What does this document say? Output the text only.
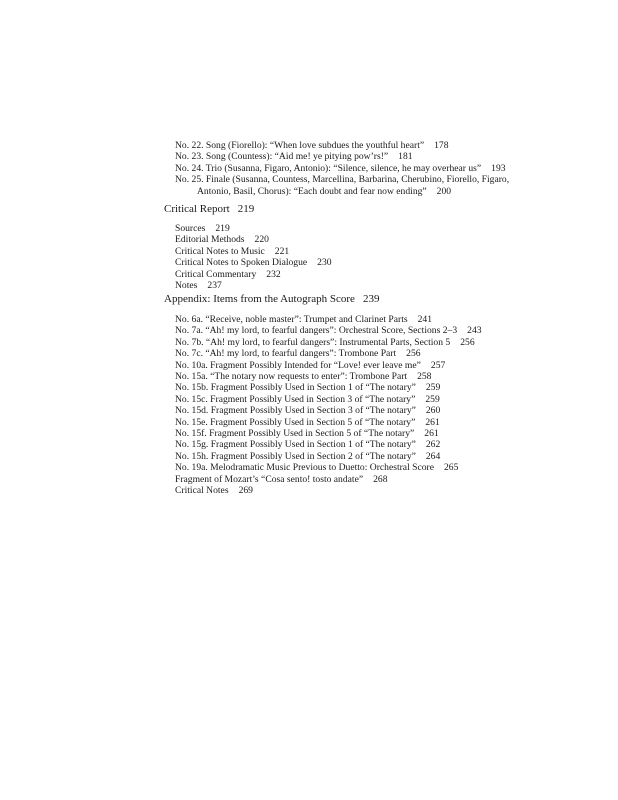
No. 22. Song (Fiorello): “When love subdues the youthful heart” 178
No. 23. Song (Countess): “Aid me! ye pitying pow’rs!” 181
No. 24. Trio (Susanna, Figaro, Antonio): “Silence, silence, he may overhear us” 193
No. 25. Finale (Susanna, Countess, Marcellina, Barbarina, Cherubino, Fiorello, Figaro,
Antonio, Basil, Chorus): “Each doubt and fear now ending” 200
Critical Report 219
Sources 219
Editorial Methods 220
Critical Notes to Music 221
Critical Notes to Spoken Dialogue 230
Critical Commentary 232
Notes 237
Appendix: Items from the Autograph Score 239
No. 6a. “Receive, noble master”: Trumpet and Clarinet Parts 241
No. 7a. “Ah! my lord, to fearful dangers”: Orchestral Score, Sections 2–3 243
No. 7b. “Ah! my lord, to fearful dangers”: Instrumental Parts, Section 5 256
No. 7c. “Ah! my lord, to fearful dangers”: Trombone Part 256
No. 10a. Fragment Possibly Intended for “Love! ever leave me” 257
No. 15a. “The notary now requests to enter”: Trombone Part 258
No. 15b. Fragment Possibly Used in Section 1 of “The notary” 259
No. 15c. Fragment Possibly Used in Section 3 of “The notary” 259
No. 15d. Fragment Possibly Used in Section 3 of “The notary” 260
No. 15e. Fragment Possibly Used in Section 5 of “The notary” 261
No. 15f. Fragment Possibly Used in Section 5 of “The notary” 261
No. 15g. Fragment Possibly Used in Section 1 of “The notary” 262
No. 15h. Fragment Possibly Used in Section 2 of “The notary” 264
No. 19a. Melodramatic Music Previous to Duetto: Orchestral Score 265
Fragment of Mozart’s “Cosa sento! tosto andate” 268
Critical Notes 269
